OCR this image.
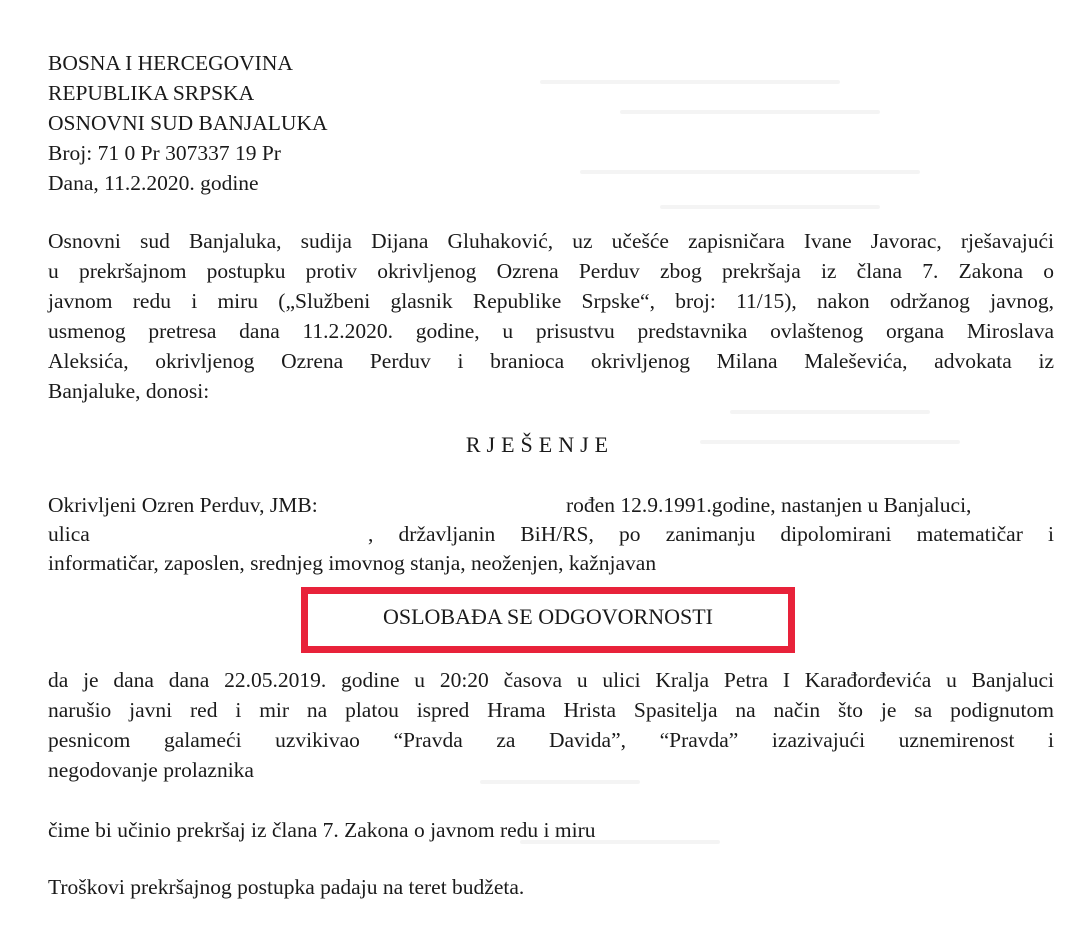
BOSNA I HERCEGOVINA
REPUBLIKA SRPSKA
OSNOVNI SUD BANJALUKA
Broj: 71 0 Pr 307337 19 Pr
Dana, 11.2.2020. godine
Osnovni sud Banjaluka, sudija Dijana Gluhaković, uz učešće zapisničara Ivane Javorac, rješavajući
u prekršajnom postupku protiv okrivljenog Ozrena Perduv zbog prekršaja iz člana 7. Zakona o
javnom redu i miru („Službeni glasnik Republike Srpske“, broj: 11/15), nakon održanog javnog,
usmenog pretresa dana 11.2.2020. godine, u prisustvu predstavnika ovlaštenog organa Miroslava
Aleksića, okrivljenog Ozrena Perduv i branioca okrivljenog Milana Maleševića, advokata iz
Banjaluke, donosi:
RJEŠENJE
Okrivljeni Ozren Perduv, JMB:	rođen 12.9.1991.godine, nastanjen u Banjaluci,
ulica	, državljanin BiH/RS, po zanimanju dipolomirani matematičar i
informatičar, zaposlen, srednjeg imovnog stanja, neoženjen, kažnjavan
OSLOBAĐA SE ODGOVORNOSTI
da je dana dana 22.05.2019. godine u 20:20 časova u ulici Kralja Petra I Karađorđevića u Banjaluci
narušio javni red i mir na platou ispred Hrama Hrista Spasitelja na način što je sa podignutom
pesnicom galameći uzvikivao “Pravda za Davida”, “Pravda” izazivajući uznemirenost i
negodovanje prolaznika
čime bi učinio prekršaj iz člana 7. Zakona o javnom redu i miru
Troškovi prekršajnog postupka padaju na teret budžeta.
